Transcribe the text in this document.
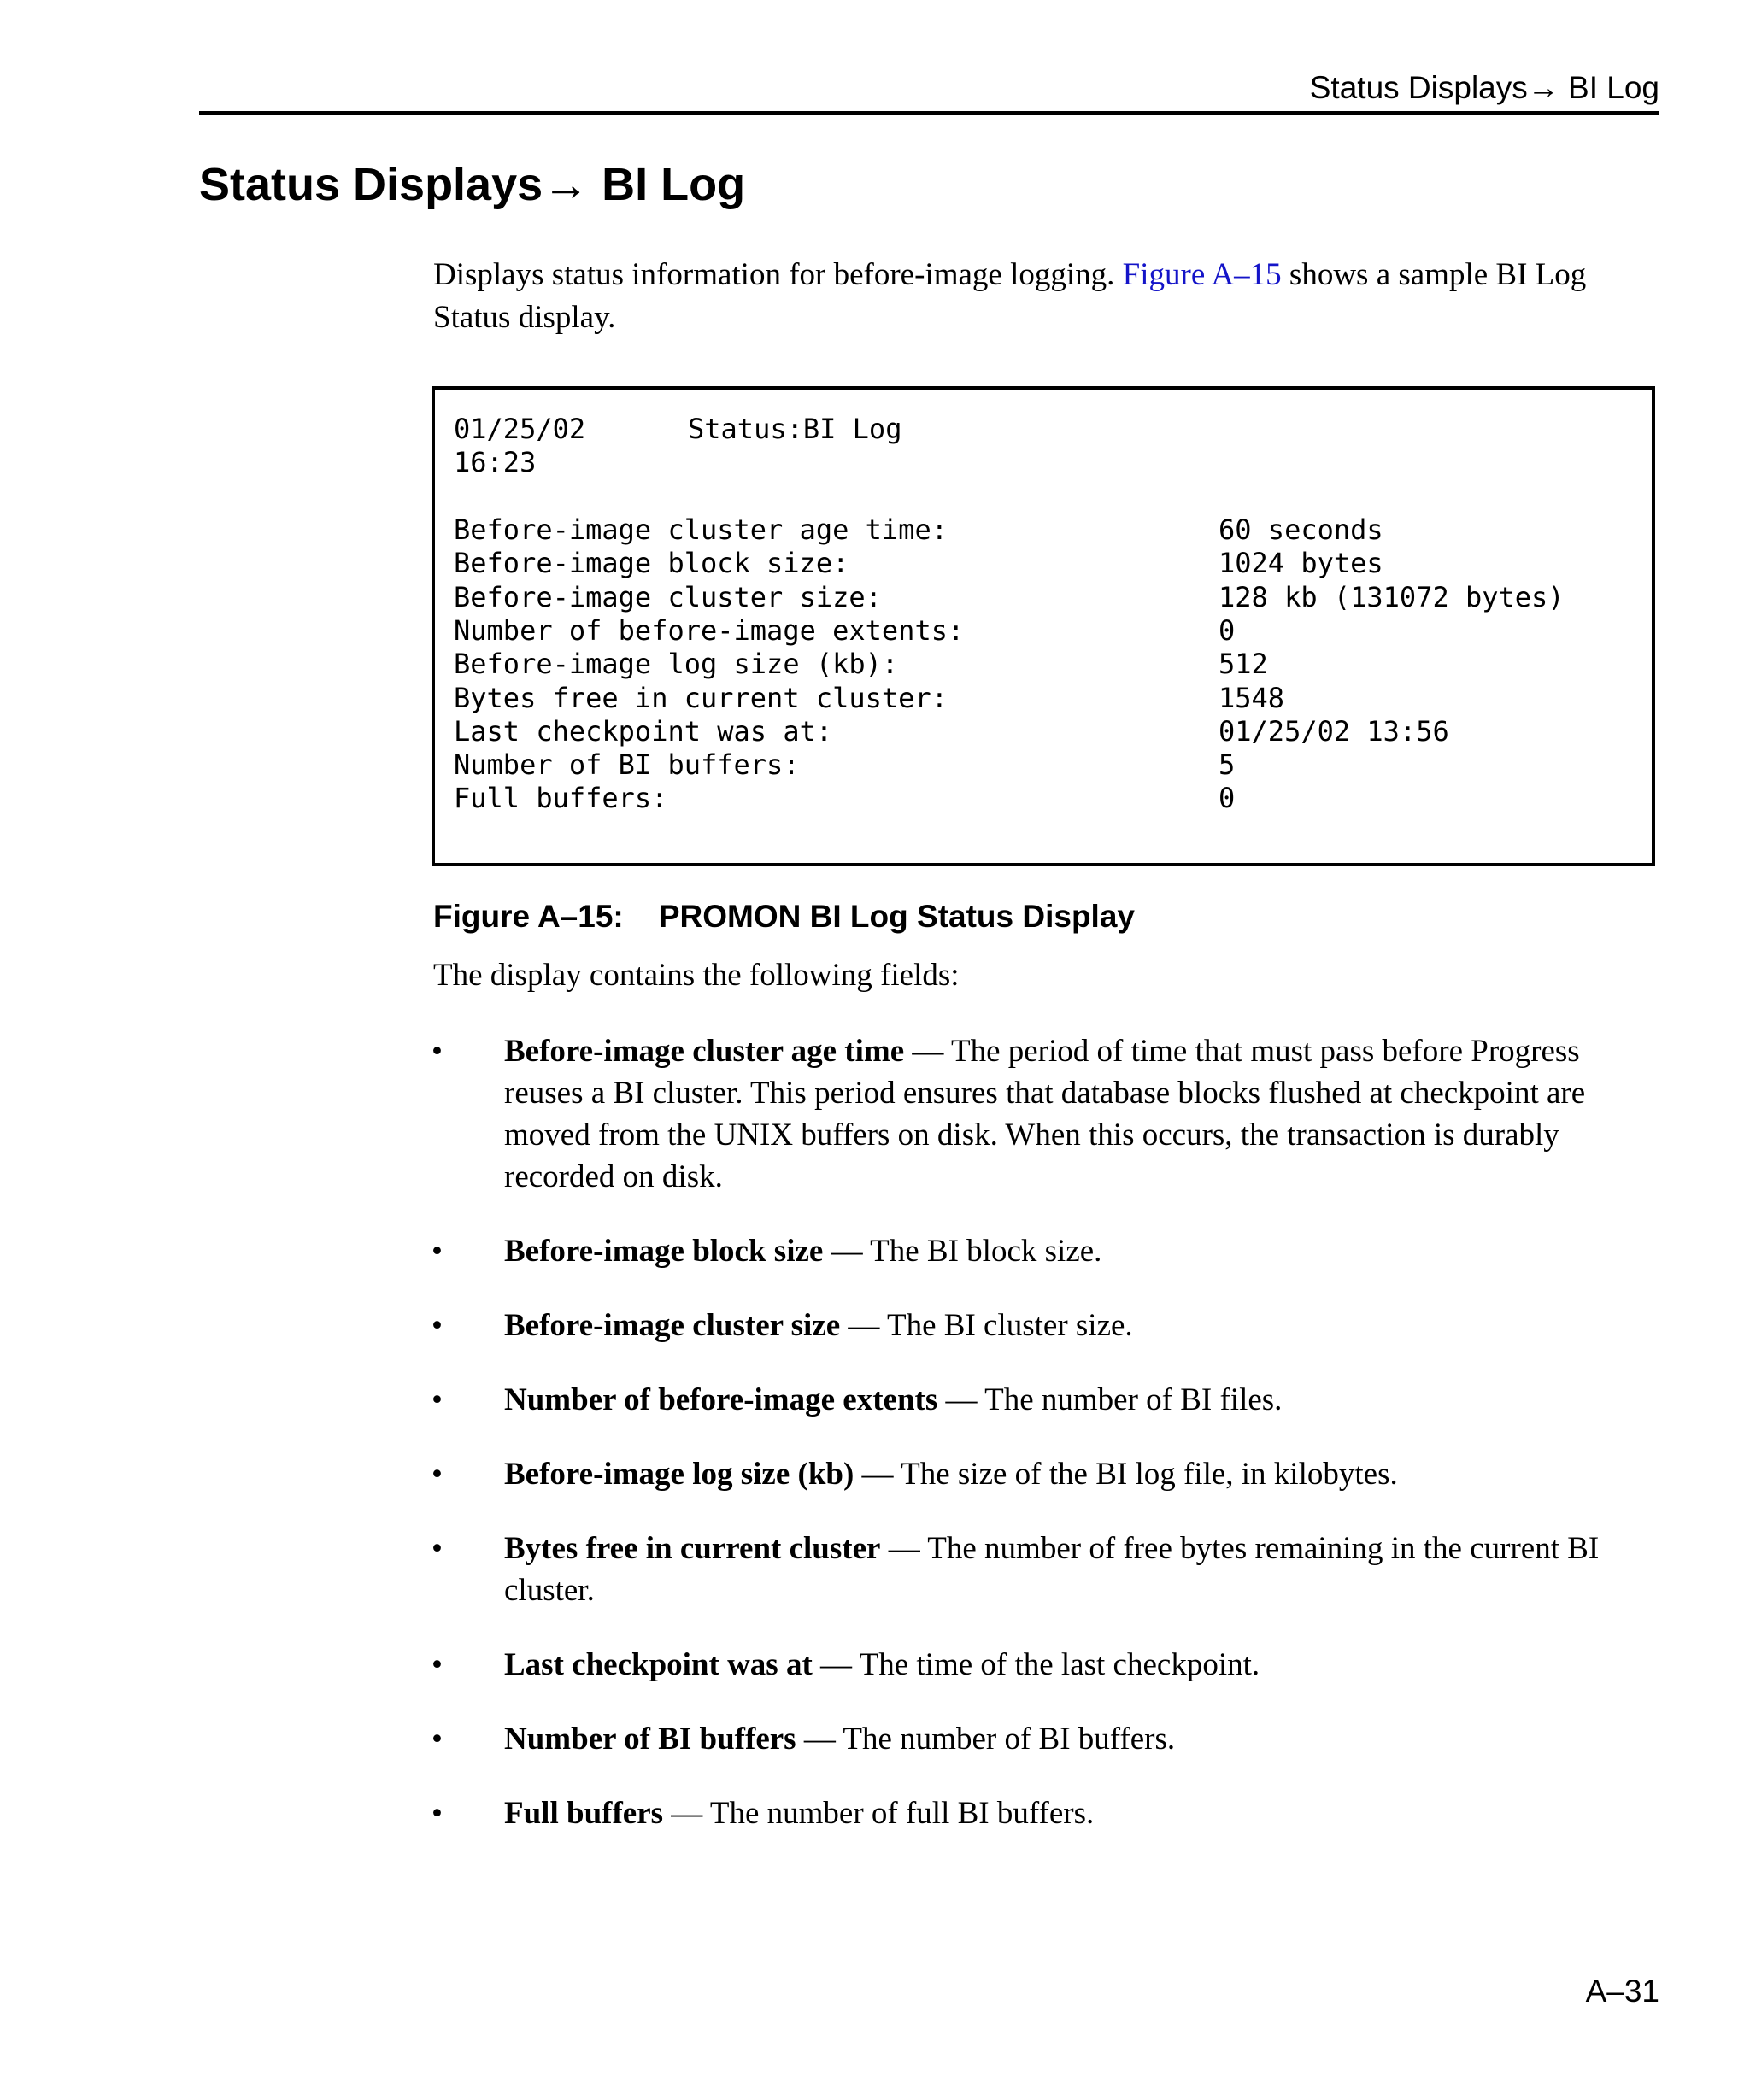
Status Displays→ BI Log
Status Displays→ BI Log

Displays status information for before-image logging. Figure A–15 shows a sample BI Log Status display.

01/25/02	Status:BI Log
16:23
Before-image cluster age time:	60 seconds
Before-image block size:	1024 bytes
Before-image cluster size:	128 kb (131072 bytes)
Number of before-image extents:	0
Before-image log size (kb):	512
Bytes free in current cluster:	1548
Last checkpoint was at:	01/25/02 13:56
Number of BI buffers:	5
Full buffers:	0

Figure A–15: PROMON BI Log Status Display

The display contains the following fields:

• Before-image cluster age time — The period of time that must pass before Progress reuses a BI cluster. This period ensures that database blocks flushed at checkpoint are moved from the UNIX buffers on disk. When this occurs, the transaction is durably recorded on disk.
• Before-image block size — The BI block size.
• Before-image cluster size — The BI cluster size.
• Number of before-image extents — The number of BI files.
• Before-image log size (kb) — The size of the BI log file, in kilobytes.
• Bytes free in current cluster — The number of free bytes remaining in the current BI cluster.
• Last checkpoint was at — The time of the last checkpoint.
• Number of BI buffers — The number of BI buffers.
• Full buffers — The number of full BI buffers.
A–31
